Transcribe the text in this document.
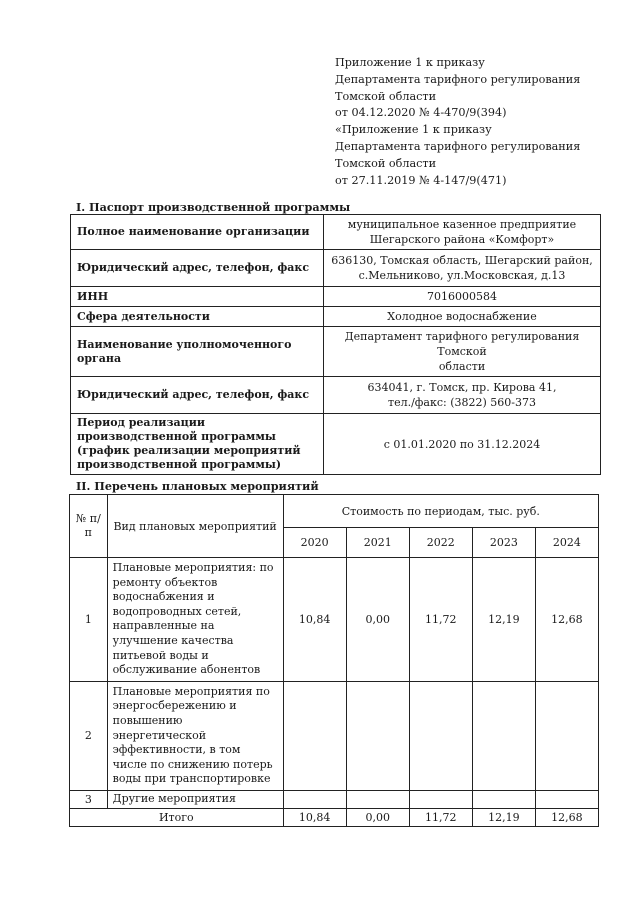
Приложение 1 к приказу
Департамента тарифного регулирования
Томской области
от 04.12.2020 № 4-470/9(394)
«Приложение 1 к приказу
Департамента тарифного регулирования
Томской области
от 27.11.2019 № 4-147/9(471)
I. Паспорт производственной программы
Полное наименование организации	муниципальное казенное предприятие
Шегарского района «Комфорт»
Юридический адрес, телефон, факс	636130, Томская область, Шегарский район,
с.Мельниково, ул.Московская, д.13
ИНН	7016000584
Сфера деятельности	Холодное водоснабжение
Наименование уполномоченного органа	Департамент тарифного регулирования Томской
области
Юридический адрес, телефон, факс	634041, г. Томск, пр. Кирова 41,
тел./факс: (3822) 560-373
Период реализации производственной программы (график реализации мероприятий производственной программы)	с 01.01.2020 по 31.12.2024
II. Перечень плановых мероприятий
№ п/п	Вид плановых мероприятий	Стоимость по периодам, тыс. руб.				
		2020	2021	2022	2023	2024
1	Плановые мероприятия: по ремонту объектов водоснабжения и водопроводных сетей, направленные на улучшение качества питьевой воды и обслуживание абонентов	10,84	0,00	11,72	12,19	12,68
2	Плановые мероприятия по энергосбережению и повышению энергетической эффективности, в том числе по снижению потерь воды при транспортировке					
3	Другие мероприятия					
Итого		10,84	0,00	11,72	12,19	12,68
